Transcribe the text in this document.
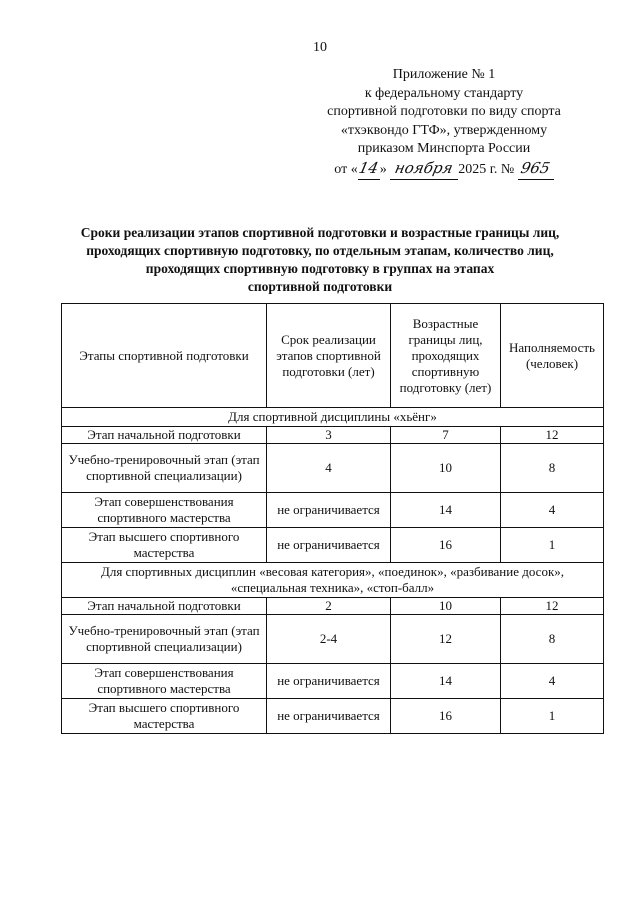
10
Приложение № 1
к федеральному стандарту
спортивной подготовки по виду спорта
«тхэквондо ГТФ», утвержденному
приказом Минспорта России
от « 14 »
ноября 2025 г. №
965
Сроки реализации этапов спортивной подготовки и возрастные границы лиц,
проходящих спортивную подготовку, по отдельным этапам, количество лиц,
проходящих спортивную подготовку в группах на этапах
спортивной подготовки
Этапы спортивной подготовки	Срок реализации этапов спортивной подготовки (лет)	Возрастные границы лиц, проходящих спортивную подготовку (лет)	Наполняемость (человек)
Для спортивной дисциплины «хьёнг»			
Этап начальной подготовки	3	7	12
Учебно-тренировочный этап (этап спортивной специализации)	4	10	8
Этап совершенствования спортивного мастерства	не ограничивается	14	4
Этап высшего спортивного мастерства	не ограничивается	16	1
Для спортивных дисциплин «весовая категория», «поединок», «разбивание досок», «специальная техника», «стоп-балл»			
Этап начальной подготовки	2	10	12
Учебно-тренировочный этап (этап спортивной специализации)	2-4	12	8
Этап совершенствования спортивного мастерства	не ограничивается	14	4
Этап высшего спортивного мастерства	не ограничивается	16	1
